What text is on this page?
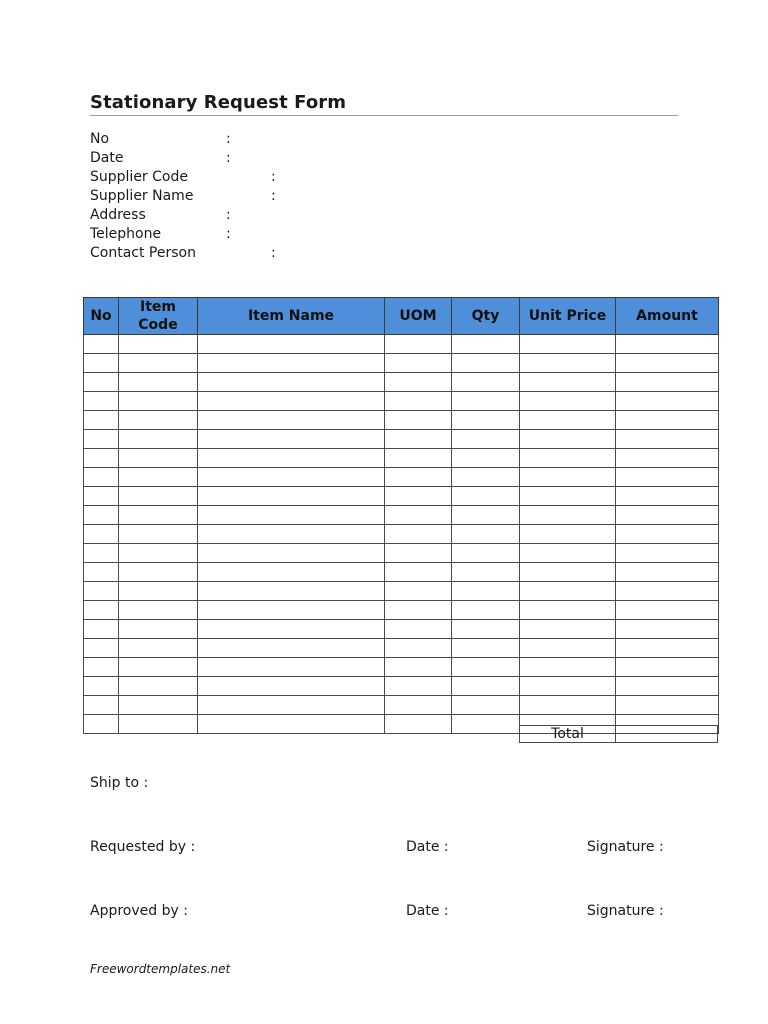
Stationary Request Form
No	:
Date	:
Supplier Code	:
Supplier Name	:
Address	:
Telephone	:
Contact Person	:
No	Item Code	Item Name	UOM	Qty	Unit Price	Amount

Total
Ship to :
Requested by :	Date :	Signature :
Approved by :	Date :	Signature :
Freewordtemplates.net
